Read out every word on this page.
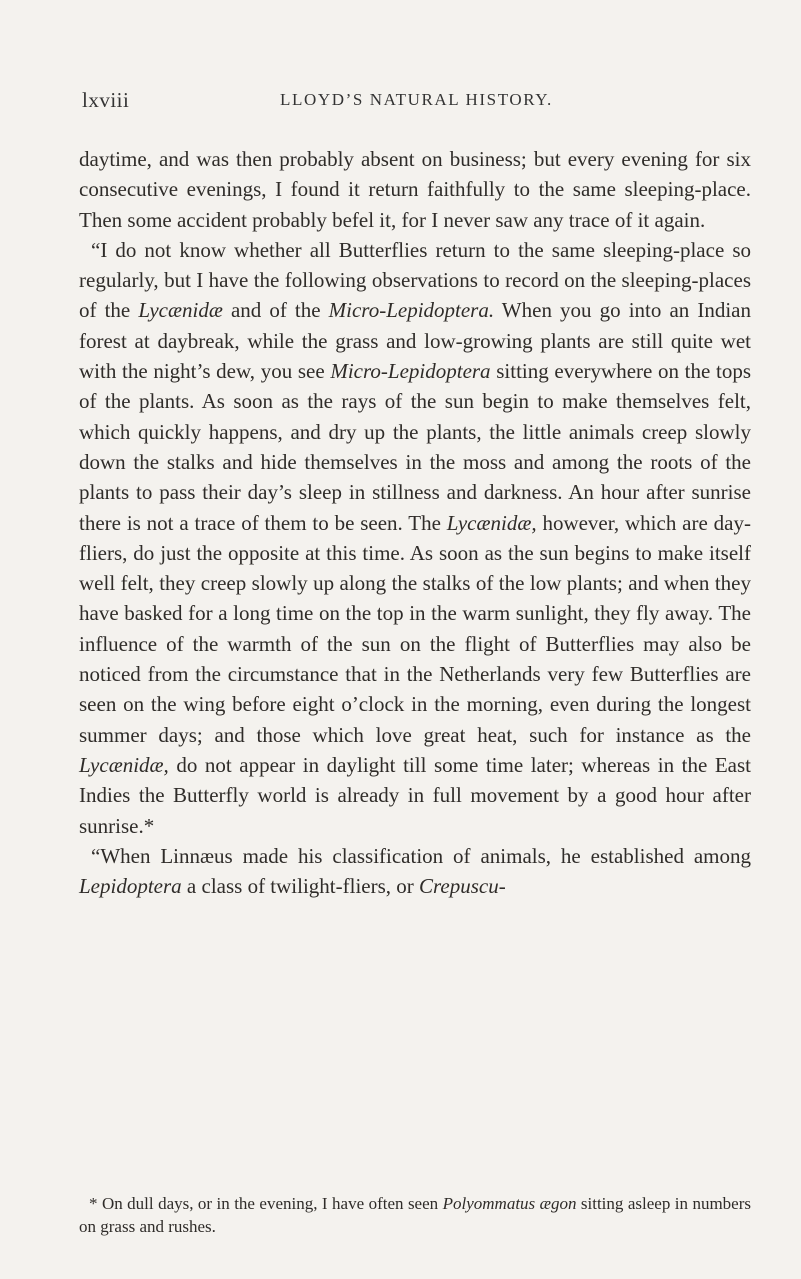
lxviii	LLOYD’S NATURAL HISTORY.

daytime, and was then probably absent on business; but every evening for six consecutive evenings, I found it return faithfully to the same sleeping-place. Then some accident probably befel it, for I never saw any trace of it again.

“I do not know whether all Butterflies return to the same sleeping-place so regularly, but I have the following observations to record on the sleeping-places of the Lycænidæ and of the Micro-Lepidoptera. When you go into an Indian forest at daybreak, while the grass and low-growing plants are still quite wet with the night’s dew, you see Micro-Lepidoptera sitting everywhere on the tops of the plants. As soon as the rays of the sun begin to make themselves felt, which quickly happens, and dry up the plants, the little animals creep slowly down the stalks and hide themselves in the moss and among the roots of the plants to pass their day’s sleep in stillness and darkness. An hour after sunrise there is not a trace of them to be seen. The Lycænidæ, however, which are day-fliers, do just the opposite at this time. As soon as the sun begins to make itself well felt, they creep slowly up along the stalks of the low plants; and when they have basked for a long time on the top in the warm sunlight, they fly away. The influence of the warmth of the sun on the flight of Butterflies may also be noticed from the circumstance that in the Netherlands very few Butterflies are seen on the wing before eight o’clock in the morning, even during the longest summer days; and those which love great heat, such for instance as the Lycænidæ, do not appear in daylight till some time later; whereas in the East Indies the Butterfly world is already in full movement by a good hour after sunrise.*

“When Linnæus made his classification of animals, he established among Lepidoptera a class of twilight-fliers, or Crepuscu-

* On dull days, or in the evening, I have often seen Polyommatus ægon sitting asleep in numbers on grass and rushes.
